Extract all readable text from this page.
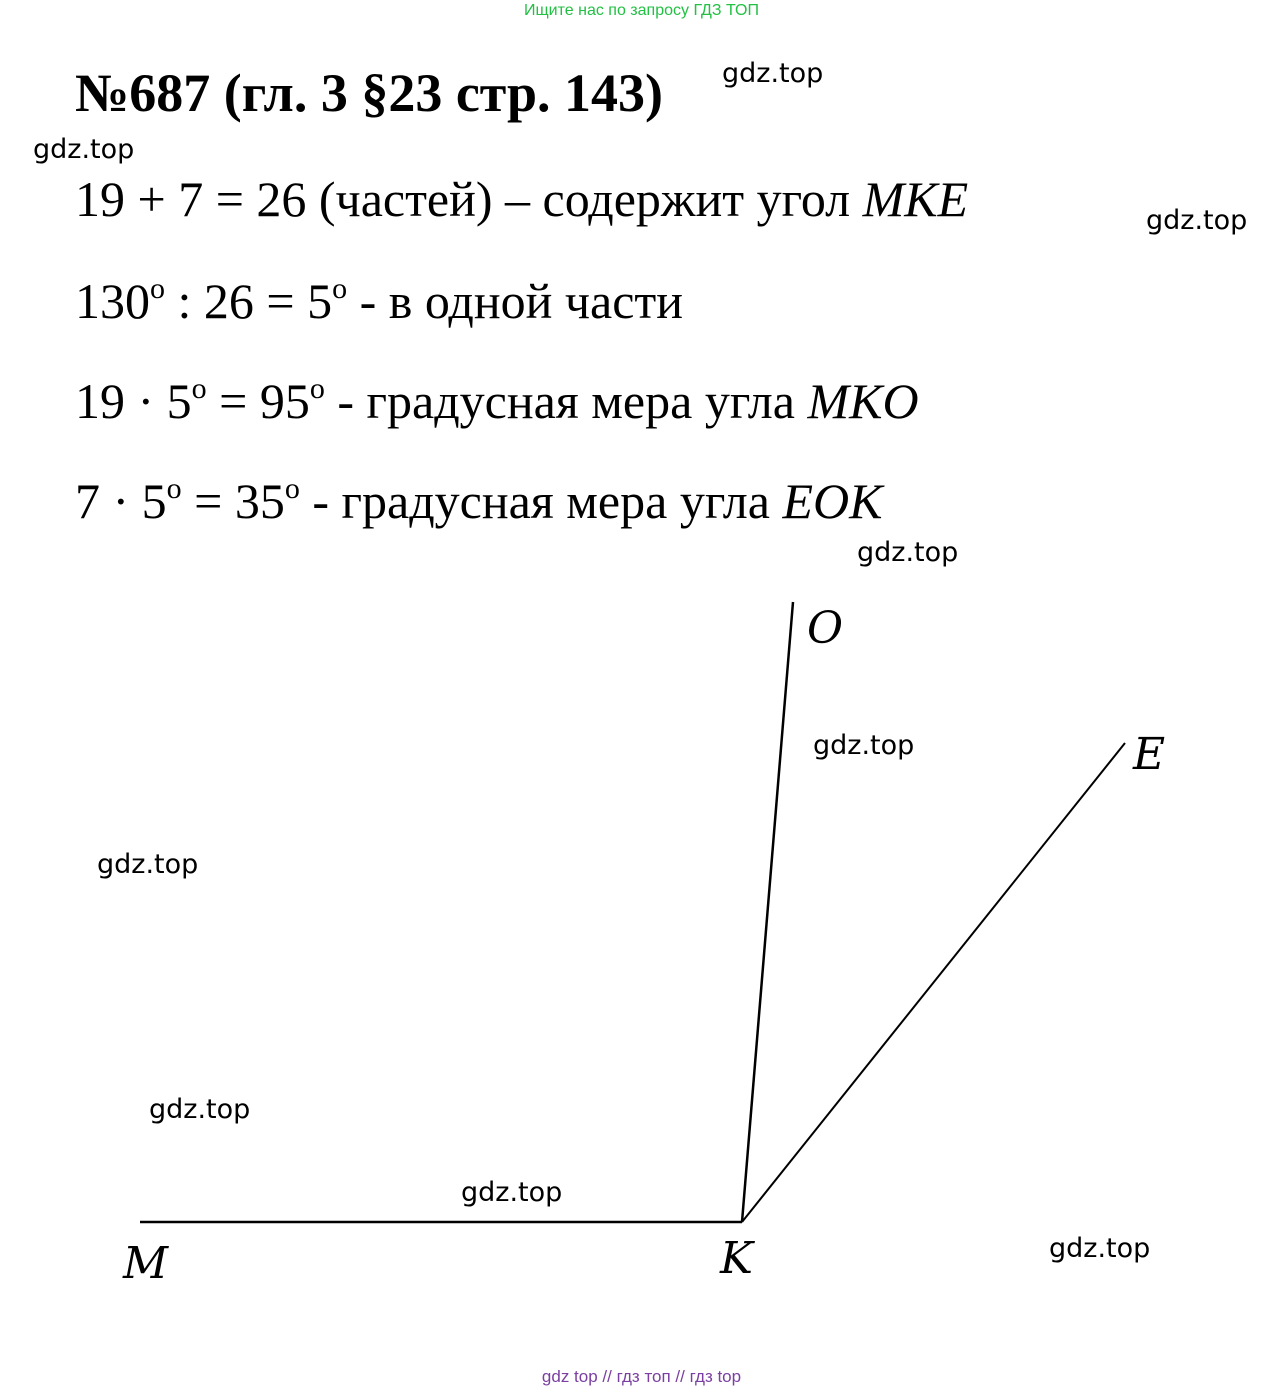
Ищите нас по запросу ГДЗ ТОП
№687 (гл. 3 §23 стр. 143)
19 + 7 = 26 (частей) – содержит угол MKE
$130^о$ : $26 = 5^о - в$ одной части
$19 \cdot 5^о = 95^о$ - градусная мера угла MKO
$7 \cdot 5^о = 35^о$ - градусная мера угла EOK
M	K
O
E
gdz.top
gdz.top
gdz.top
gdz.top
gdz.top
gdz.top
gdz.top
gdz.top
gdz.top
gdz top // гдз топ // гдз top
